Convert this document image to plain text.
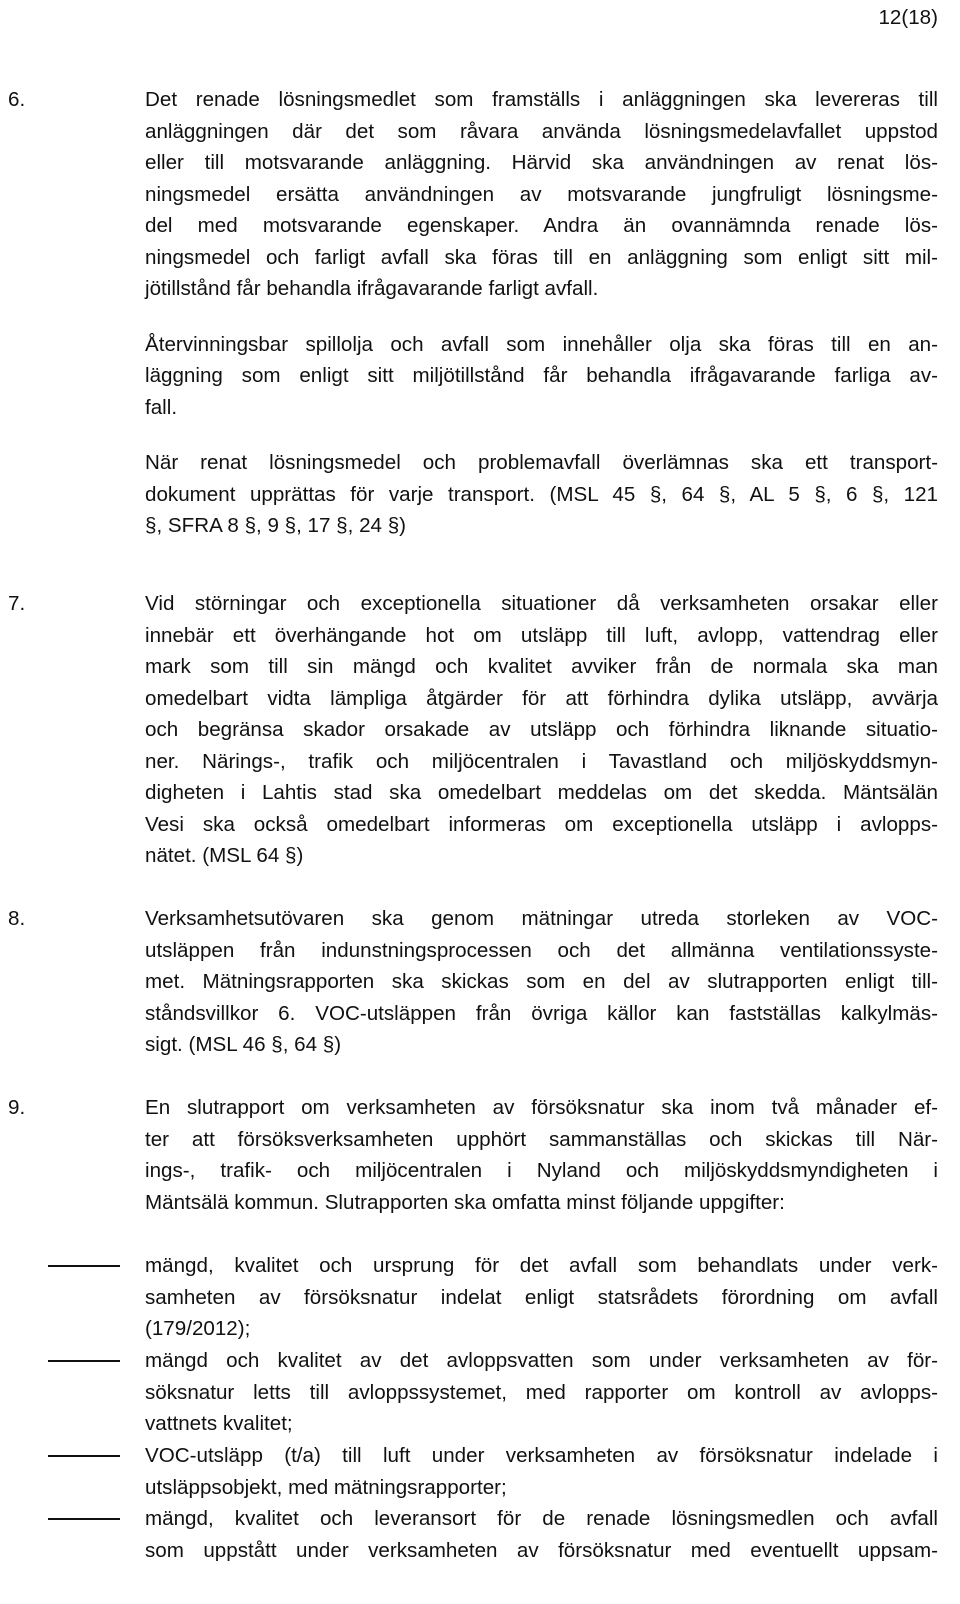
12(18)
6.	Det renade lösningsmedlet som framställs i anläggningen ska levereras till
anläggningen där det som råvara använda lösningsmedelavfallet uppstod
eller till motsvarande anläggning. Härvid ska användningen av renat lös-
ningsmedel ersätta användningen av motsvarande jungfruligt lösningsme-
del med motsvarande egenskaper. Andra än ovannämnda renade lös-
ningsmedel och farligt avfall ska föras till en anläggning som enligt sitt mil-
jötillstånd får behandla ifrågavarande farligt avfall.

Återvinningsbar spillolja och avfall som innehåller olja ska föras till en an-
läggning som enligt sitt miljötillstånd får behandla ifrågavarande farliga av-
fall.

När renat lösningsmedel och problemavfall överlämnas ska ett transport-
dokument upprättas för varje transport. (MSL 45 §, 64 §, AL 5 §, 6 §, 121
§, SFRA 8 §, 9 §, 17 §, 24 §)

7.	Vid störningar och exceptionella situationer då verksamheten orsakar eller
innebär ett överhängande hot om utsläpp till luft, avlopp, vattendrag eller
mark som till sin mängd och kvalitet avviker från de normala ska man
omedelbart vidta lämpliga åtgärder för att förhindra dylika utsläpp, avvärja
och begränsa skador orsakade av utsläpp och förhindra liknande situatio-
ner. Närings-, trafik och miljöcentralen i Tavastland och miljöskyddsmyn-
digheten i Lahtis stad ska omedelbart meddelas om det skedda. Mäntsälän
Vesi ska också omedelbart informeras om exceptionella utsläpp i avlopps-
nätet. (MSL 64 §)

8.	Verksamhetsutövaren ska genom mätningar utreda storleken av VOC-
utsläppen från indunstningsprocessen och det allmänna ventilationssyste-
met. Mätningsrapporten ska skickas som en del av slutrapporten enligt till-
ståndsvillkor 6. VOC-utsläppen från övriga källor kan fastställas kalkylmäs-
sigt. (MSL 46 §, 64 §)

9.	En slutrapport om verksamheten av försöksnatur ska inom två månader ef-
ter att försöksverksamheten upphört sammanställas och skickas till När-
ings-, trafik- och miljöcentralen i Nyland och miljöskyddsmyndigheten i
Mäntsälä kommun. Slutrapporten ska omfatta minst följande uppgifter:

mängd, kvalitet och ursprung för det avfall som behandlats under verk-
samheten av försöksnatur indelat enligt statsrådets förordning om avfall
(179/2012);
mängd och kvalitet av det avloppsvatten som under verksamheten av för-
söksnatur letts till avloppssystemet, med rapporter om kontroll av avlopps-
vattnets kvalitet;
VOC-utsläpp (t/a) till luft under verksamheten av försöksnatur indelade i
utsläppsobjekt, med mätningsrapporter;
mängd, kvalitet och leveransort för de renade lösningsmedlen och avfall
som uppstått under verksamheten av försöksnatur med eventuellt uppsam-
